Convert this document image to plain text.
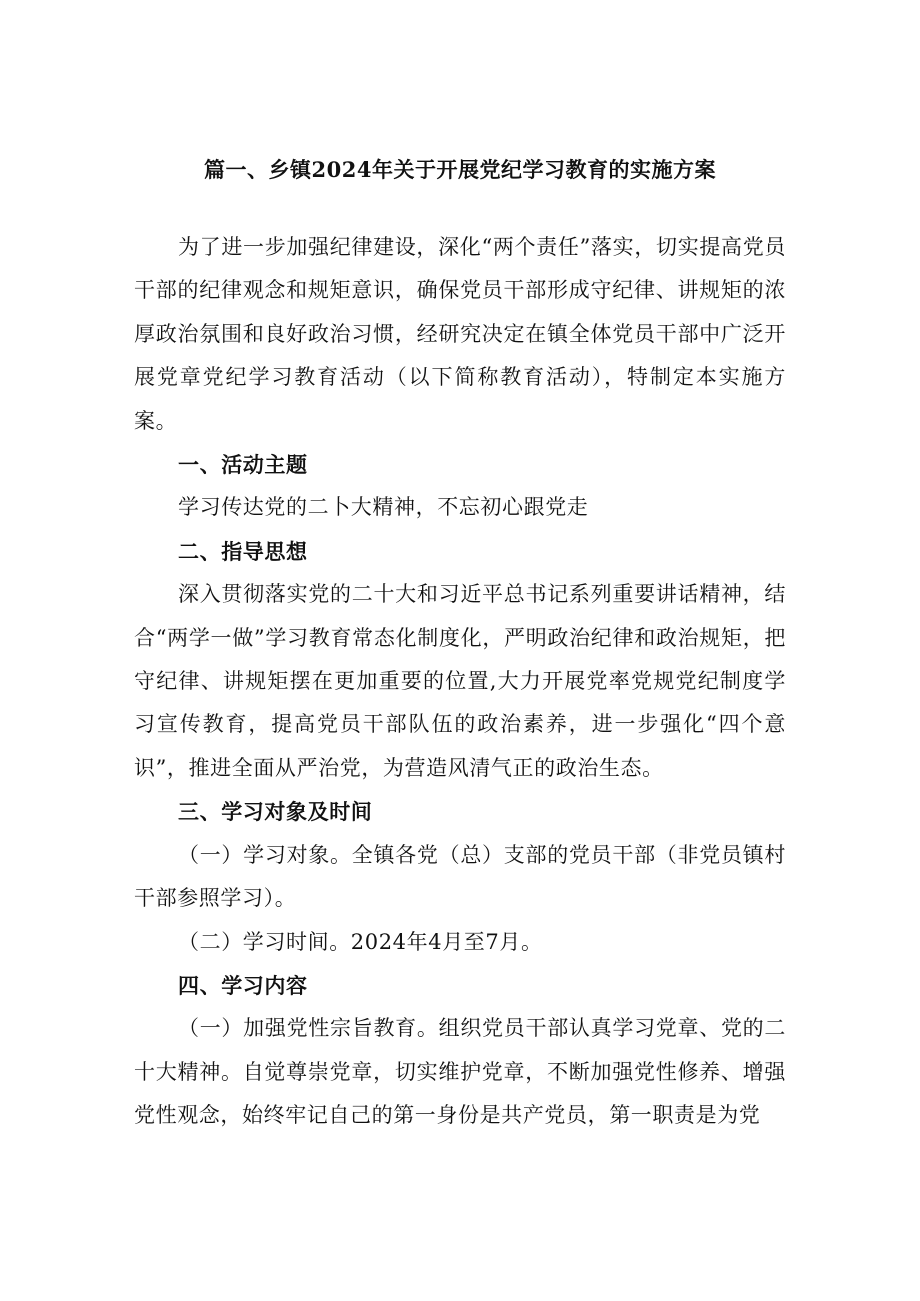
篇一、乡镇2024年关于开展党纪学习教育的实施方案

为了进一步加强纪律建设，深化“两个责任”落实，切实提高党员干部的纪律观念和规矩意识，确保党员干部形成守纪律、讲规矩的浓厚政治氛围和良好政治习惯，经研究决定在镇全体党员干部中广泛开展党章党纪学习教育活动（以下简称教育活动），特制定本实施方案。

一、活动主题

学习传达党的二卜大精神，不忘初心跟党走

二、指导思想

深入贯彻落实党的二十大和习近平总书记系列重要讲话精神，结合“两学一做”学习教育常态化制度化，严明政治纪律和政治规矩，把守纪律、讲规矩摆在更加重要的位置,大力开展党率党规党纪制度学习宣传教育，提高党员干部队伍的政治素养，进一步强化“四个意识”，推进全面从严治党，为营造风清气正的政治生态。

三、学习对象及时间

（一）学习对象。全镇各党（总）支部的党员干部（非党员镇村干部参照学习）。

（二）学习时间。2024年4月至7月。

四、学习内容

（一）加强党性宗旨教育。组织党员干部认真学习党章、党的二十大精神。自觉尊崇党章，切实维护党章，不断加强党性修养、增强党性观念，始终牢记自己的第一身份是共产党员，第一职责是为党
